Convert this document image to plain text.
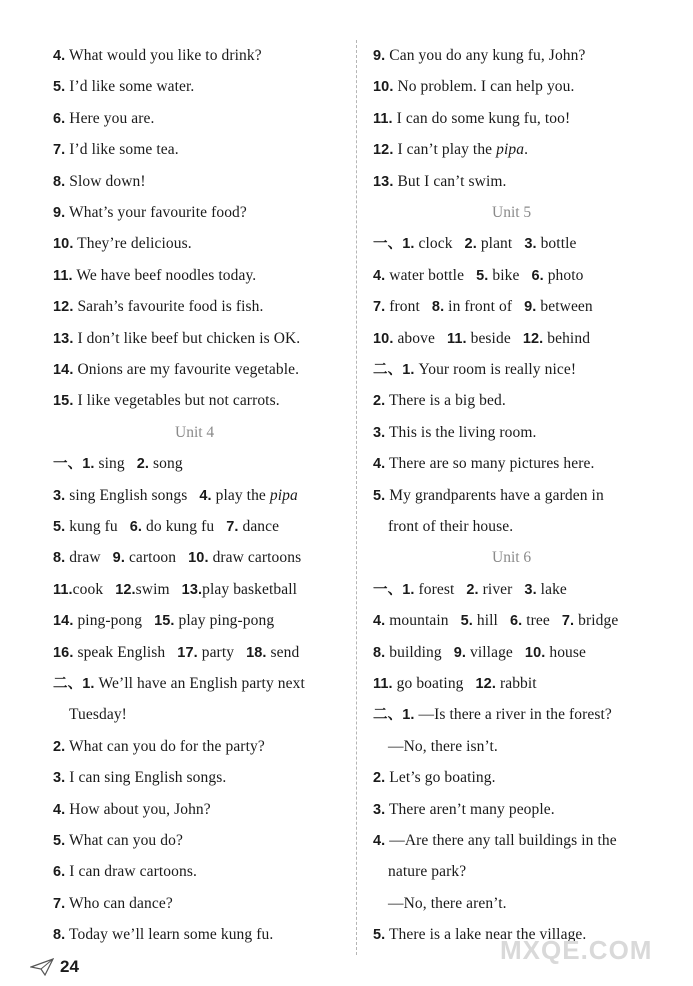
4. What would you like to drink?
5. I’d like some water.
6. Here you are.
7. I’d like some tea.
8. Slow down!
9. What’s your favourite food?
10. They’re delicious.
11. We have beef noodles today.
12. Sarah’s favourite food is fish.
13. I don’t like beef but chicken is OK.
14. Onions are my favourite vegetable.
15. I like vegetables but not carrots.
Unit 4
一、1. sing 2. song
3. sing English songs 4. play the pipa
5. kung fu 6. do kung fu 7. dance
8. draw 9. cartoon 10. draw cartoons
11.cook 12.swim 13.play basketball
14. ping-pong 15. play ping-pong
16. speak English 17. party 18. send
二、1. We’ll have an English party next
Tuesday!
2. What can you do for the party?
3. I can sing English songs.
4. How about you, John?
5. What can you do?
6. I can draw cartoons.
7. Who can dance?
8. Today we’ll learn some kung fu.
9. Can you do any kung fu, John?
10. No problem. I can help you.
11. I can do some kung fu, too!
12. I can’t play the pipa.
13. But I can’t swim.
Unit 5
一、1. clock 2. plant 3. bottle
4. water bottle 5. bike 6. photo
7. front 8. in front of 9. between
10. above 11. beside 12. behind
二、1. Your room is really nice!
2. There is a big bed.
3. This is the living room.
4. There are so many pictures here.
5. My grandparents have a garden in
front of their house.
Unit 6
一、1. forest 2. river 3. lake
4. mountain 5. hill 6. tree 7. bridge
8. building 9. village 10. house
11. go boating 12. rabbit
二、1. —Is there a river in the forest?
—No, there isn’t.
2. Let’s go boating.
3. There aren’t many people.
4. —Are there any tall buildings in the
nature park?
—No, there aren’t.
5. There is a lake near the village.
24
MXQE.COM
